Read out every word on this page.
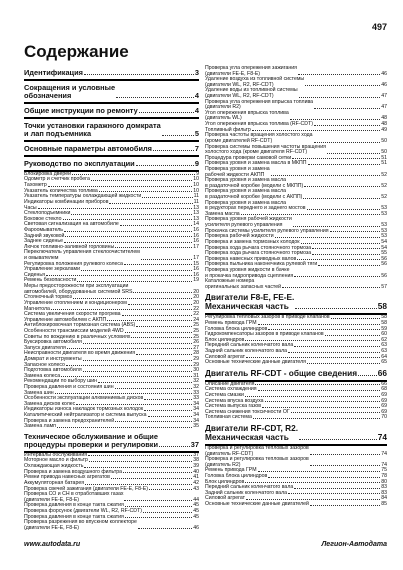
497
Содержание
Идентификация	3
Сокращения и условные
обозначения	4
Общие инструкции по ремонту	4
Точки установки гаражного домкрата
и лап подъемника	5
Основные параметры автомобиля	7
Руководство по эксплуатации	9
Блокировка дверей	9
Одометр и счетчик пробега	10
Тахометр	10
Указатель количества топлива	10
Указатель температуры охлаждающей жидкости	11
Индикаторы комбинации приборов	11
Часы	13
Стеклоподъемники	13
Боковое стекло	13
Световая сигнализация на автомобиле	14
Фароомыватель	16
Задний звуковой	16
Заднее сиденье	16
Лючок топливно-заливной горловины	17
Переключатель управления стеклоочистителем
и омывателем	17
Регулировка положения рулевого колеса	15
Управление зеркалами	16
Сиденья	16
Ремень безопасности	19
Меры предосторожности при эксплуатации
автомобилей, оборудованных системой SRS	20
Стояночный тормоз	20
Управление отоплением и кондиционером	20
Магнитола	22
Система увеличения скорости прогрева	22
Управление автомобилем с АКПП	24
Антиблокировочная тормозная система (ABS)	25
Особенности трансмиссии моделей 4WD	25
Советы по вождению в различных условиях	25
Буксировка автомобиля	26
Запуск двигателя	27
Неисправности двигателя во время движения	28
Домкрат и инструменты	29
Запасное колесо	29
Подготовка автомобиля	30
Замена колеса	31
Рекомендации по выбору шин	32
Проверка давления и состояния шин	32
Замена шин	33
Особенности эксплуатации алюминиевых дисков	33
Замена дисков колес	34
Индикаторы износа накладок тормозных колодок	34
Каталитический нейтрализатор и система выпуска	34
Проверка и замена предохранителей	34
Замена ламп	35
Техническое обслуживание и общие
процедуры проверки и регулировки	37
Интервалы обслуживания	37
Моторное масло и фильтр	38
Охлаждающая жидкость	39
Проверка и замена воздушного фильтра	40
Ремни привода навесных агрегатов	41
Аккумуляторная батарея	42
Проверка свечей зажигания (двигатели FE-E, F8-E)	43
Проверка СО и СН в отработавших газах
(двигатели FE-E, F8-E)	44
Проверка давления в конце такта сжатия	45
Проверка форсунок (двигатели WL, R2, RF-CDT)	45
Проверка давления в конце такта сжатия	45
Проверка разрежения во впускном коллекторе
(двигатели FE-E, F8-E)	46
Проверка угла опережения зажигания
(двигатели FE-E, F8-E)	46
Удаление воздуха из топливной системы
(двигатели WL, R2, RF-CDT)	46
Удаление воды из топливной системы
(двигатели WL, R2, RF-CDT)	47
Проверка угла опережения впрыска топлива
(двигатели R2)	47
Угол опережения впрыска топлива
(двигатель WL)	48
Угол опережения впрыска топлива (RF-CDT)	48
Топливный фильтр	49
Проверка частоты вращения холостого хода
(кроме двигателей RF-CDT)	50
Проверка системы повышения частоты вращения
холостого хода (кроме двигателя RF-CDT)	50
Процедура проверки самовой сетки	51
Проверка уровня и замена масла в МКПП	51
Проверка уровня и замена
рабочей жидкости АКПП	52
Проверка уровня и замена масла
в раздаточной коробке (модели с МКПП)	52
Проверка уровня и замена масла
в раздаточной коробке (модели с АКПП)	52
Проверка уровня и замена масла
в редукторах переднего и заднего мостов	53
Замена масла	53
Проверка уровня рабочей жидкости
усилителя рулевого управления	53
Прокачка системы усилителя рулевого управления	53
Проверка рабочей жидкости	53
Проверка и замена тормозных колодок	54
Проверка хода рычага стояночного тормоза	54
Проверка хода рычага стояночного тормоза	55
Проверка навесных приводных валов	56
Проверка пыльника наконечника рулевой тяги	56
Проверка уровня жидкости в бачке
и прокачка гидропривода сцепления	56
Каталожные номера
оригинальных запасных частей	57
Двигатели F8-E, FE-E.
Механическая часть	58
Регулировка тепловых зазоров в приводе клапанов	58
Ремень привода ГРМ	58
Головка блока цилиндров	59
Гидрокомпенсаторы зазоров в приводе клапанов	60
Блок цилиндров	62
Передний сальник коленчатого вала	63
Задний сальник коленчатого вала	63
Силовой агрегат	64
Основные технические данные двигателя	65
Двигатель RF-CDT - общие сведения 66
Описание двигателя	66
Система охлаждения	68
Система смазки	69
Система впуска воздуха	69
Система выпуска газов	69
Система снижения токсичности ОГ	69
Топливная система	70
Двигатели RF-CDT, R2.
Механическая часть	74
Проверка и регулировка тепловых зазоров
(двигатель RF-CDT)	74
Проверка и регулировка тепловых зазоров
(двигатель R2)	74
Ремень привода ГРМ	75
Головка блока цилиндров	78
Блок цилиндров	80
Передний сальник коленчатого вала	83
Задний сальник коленчатого вала	83
Силовой агрегат	84
Основные технические данные двигателей	85
www.autodata.ru	Легион-Автодата
